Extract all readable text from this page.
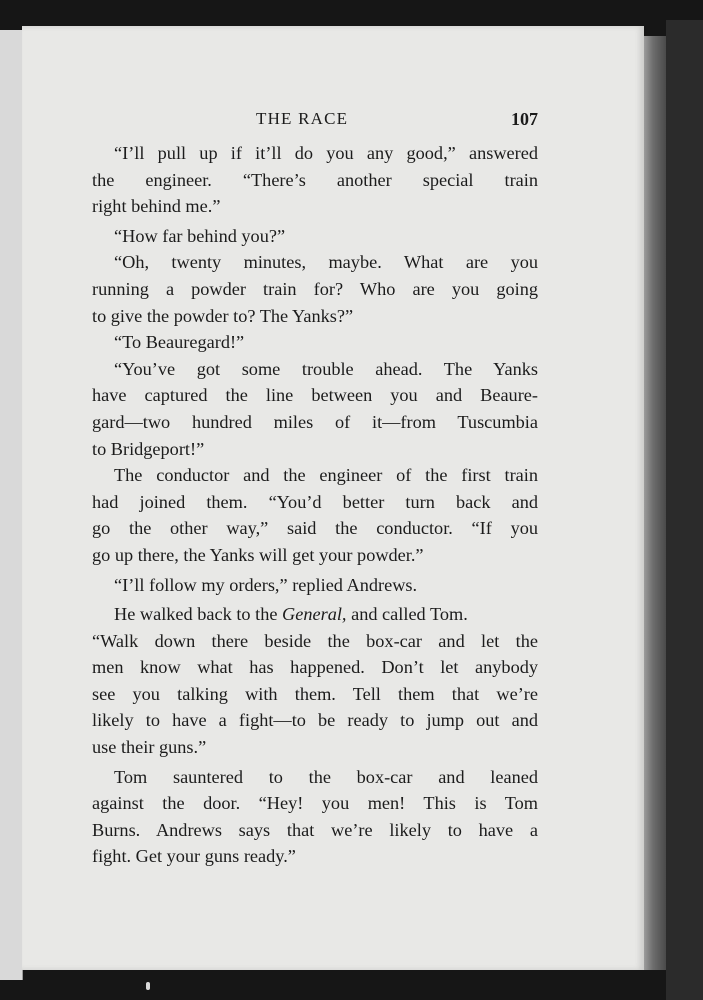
THE RACE	107
“I’ll pull up if it’ll do you any good,” answered
the engineer. “There’s another special train
right behind me.”
“How far behind you?”
“Oh, twenty minutes, maybe. What are you
running a powder train for? Who are you going
to give the powder to? The Yanks?”
“To Beauregard!”
“You’ve got some trouble ahead. The Yanks
have captured the line between you and Beaure-
gard—two hundred miles of it—from Tuscumbia
to Bridgeport!”
The conductor and the engineer of the first train
had joined them. “You’d better turn back and
go the other way,” said the conductor. “If you
go up there, the Yanks will get your powder.”
“I’ll follow my orders,” replied Andrews.
He walked back to the General, and called Tom.
“Walk down there beside the box-car and let the
men know what has happened. Don’t let anybody
see you talking with them. Tell them that we’re
likely to have a fight—to be ready to jump out and
use their guns.”
Tom sauntered to the box-car and leaned
against the door. “Hey! you men! This is Tom
Burns. Andrews says that we’re likely to have a
fight. Get your guns ready.”
